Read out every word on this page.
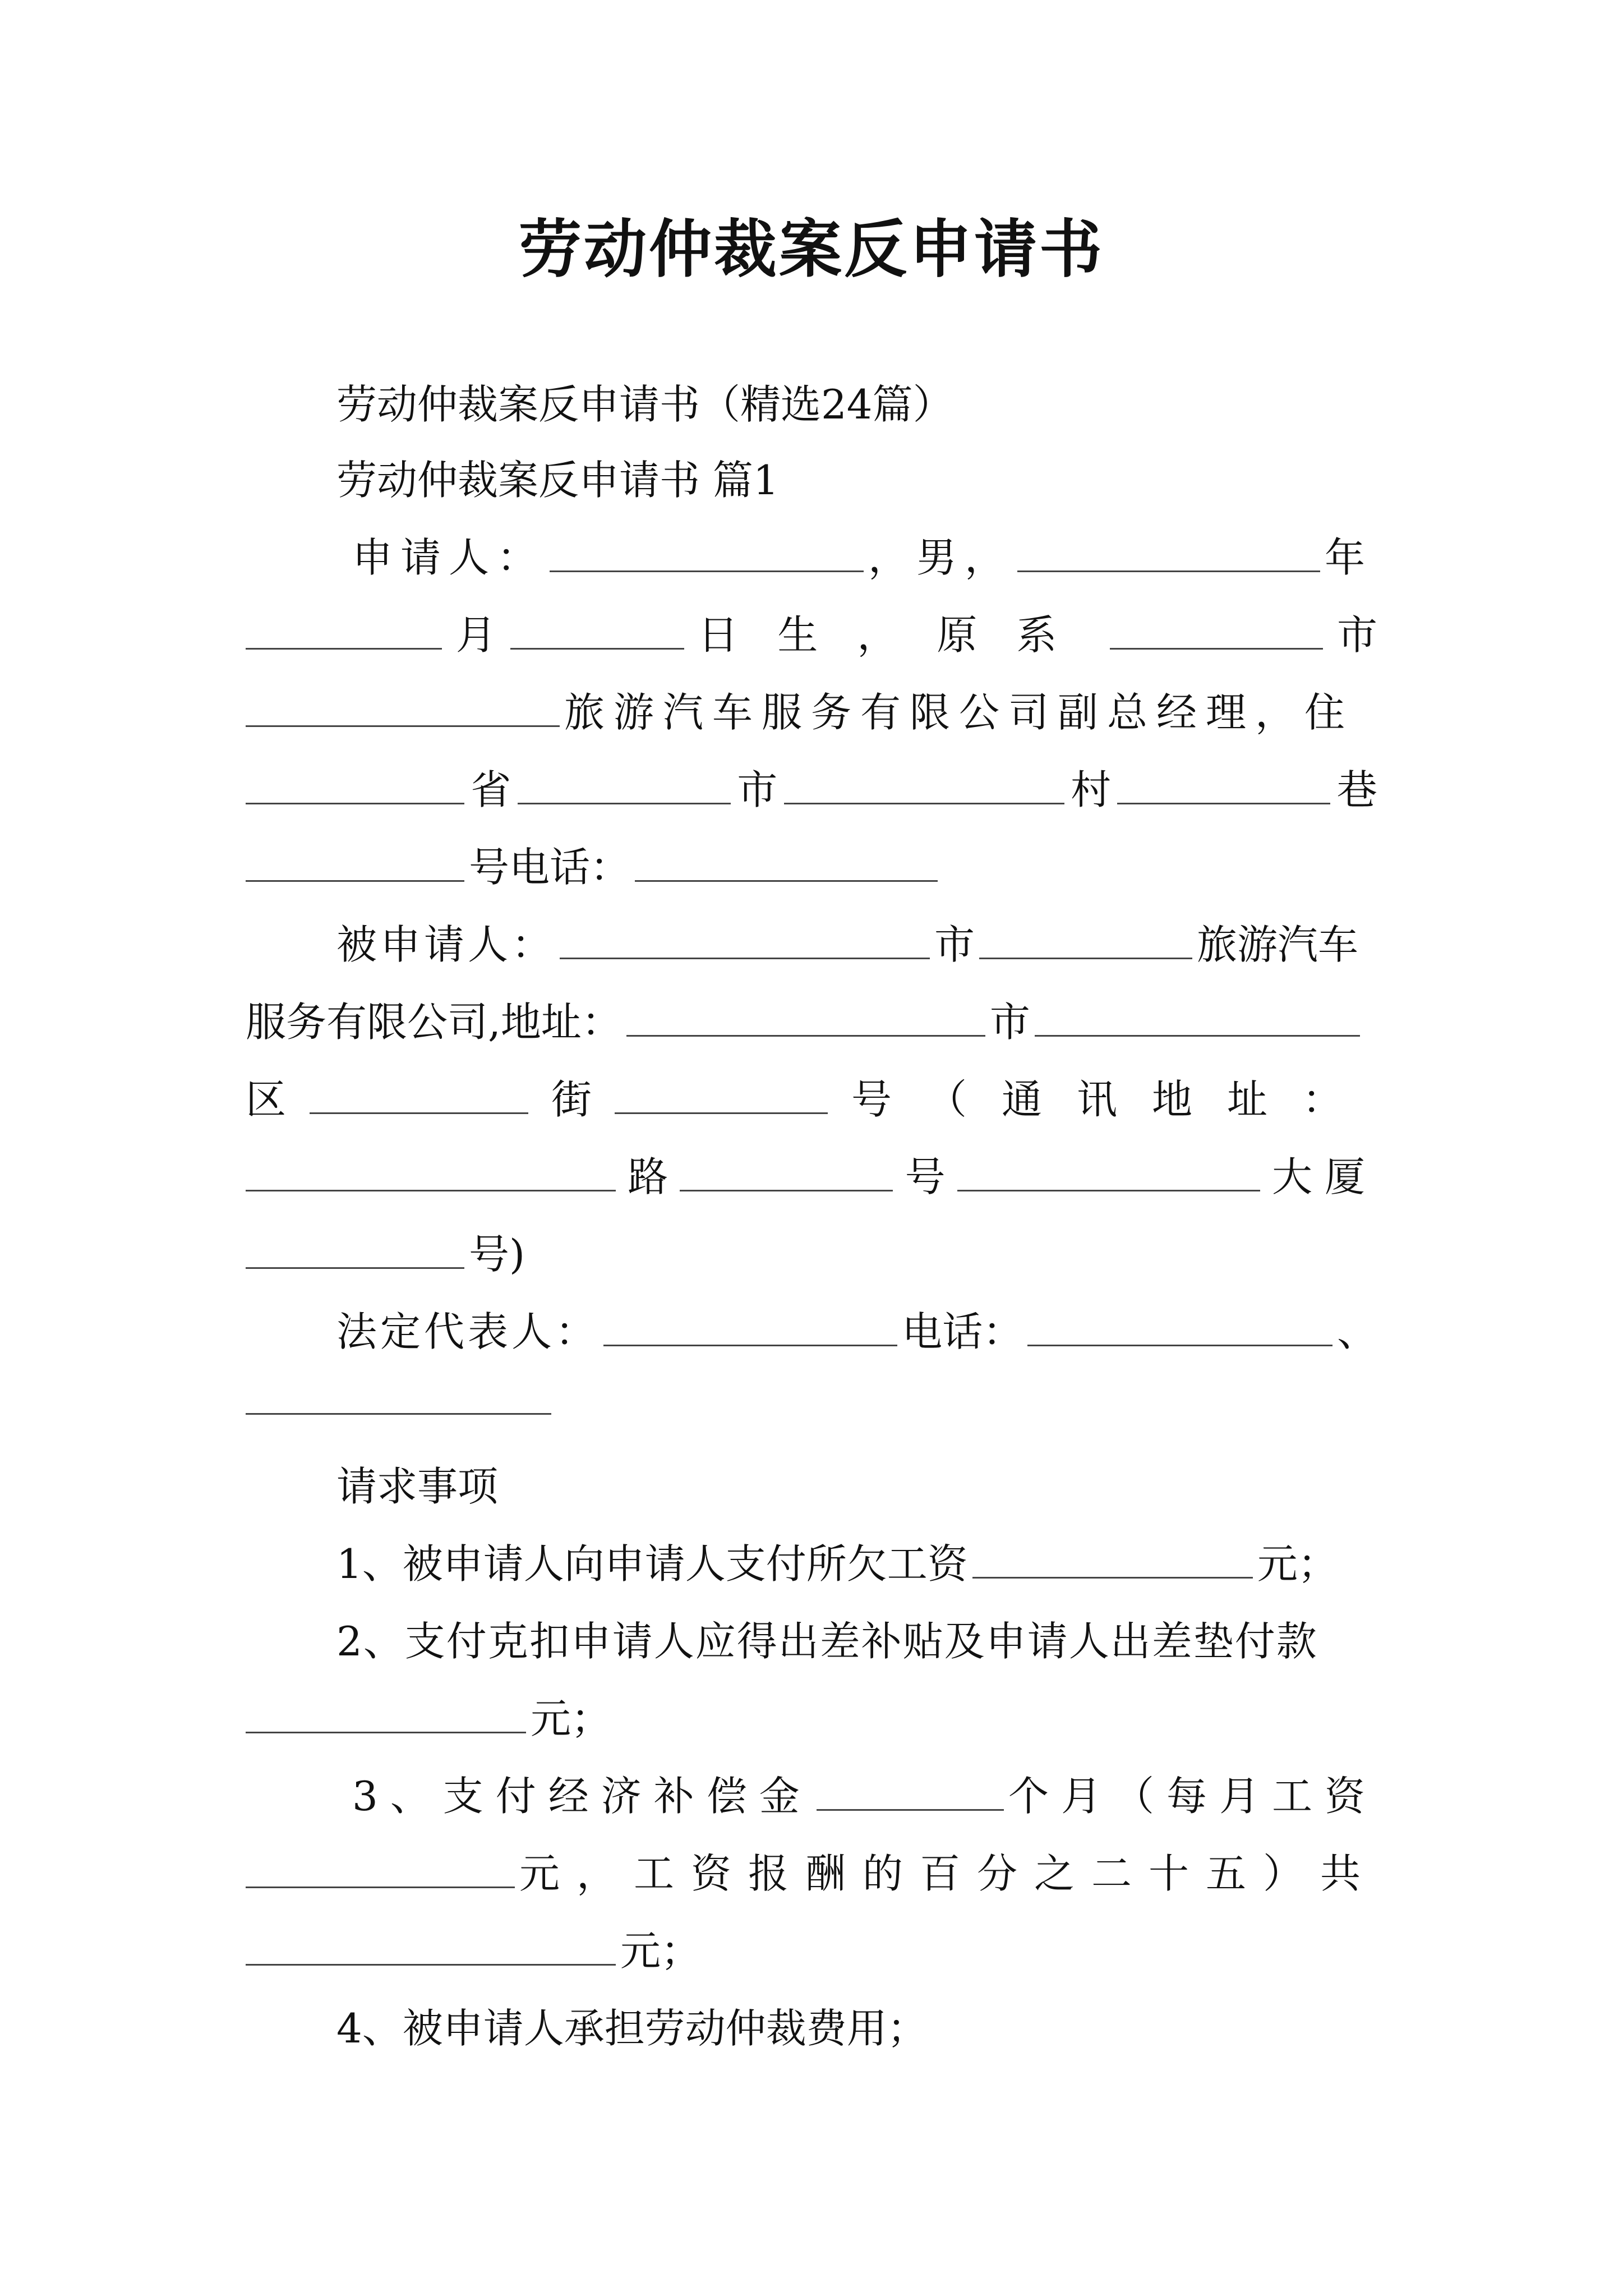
劳动仲裁案反申请书
劳动仲裁案反申请书（精选24篇）
劳动仲裁案反申请书 篇1
申请人：	，男，	年
月	日生，原系	市
旅游汽车服务有限公司副总经理，住
省	市	村	巷
号电话：
被申请人：	市	旅游汽车
服务有限公司,地址：	市
区	街	号（通讯地址：
路	号	大厦
号)
法定代表人：	电话：	、
请求事项
1、被申请人向申请人支付所欠工资	元；
2、支付克扣申请人应得出差补贴及申请人出差垫付款
元；
3、支付经济补偿金	个月（每月工资
元，工资报酬的百分之二十五）共
元；
4、被申请人承担劳动仲裁费用；
